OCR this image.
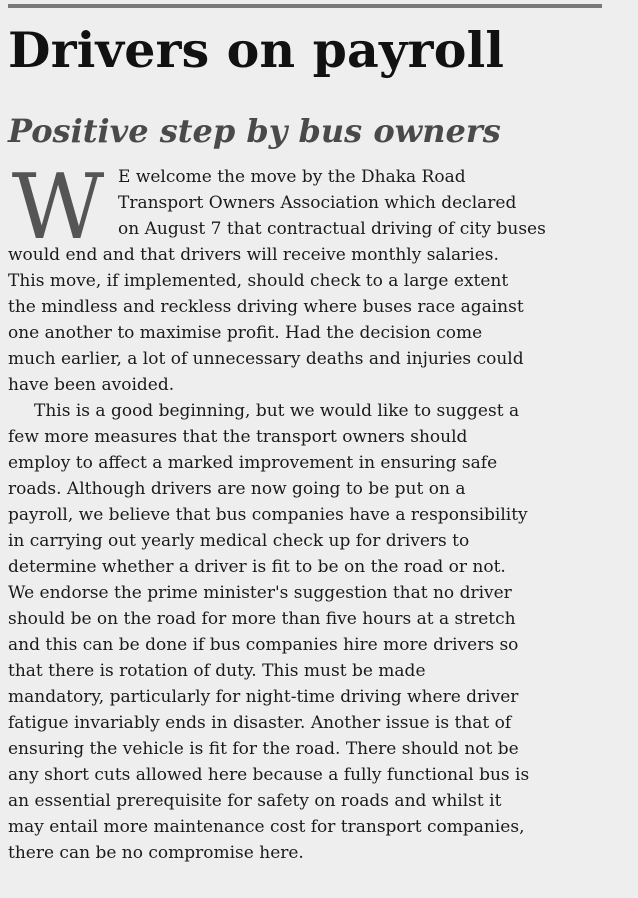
Drivers on payroll
Positive step by bus owners
W E welcome the move by the Dhaka Road
Transport Owners Association which declared
on August 7 that contractual driving of city buses
would end and that drivers will receive monthly salaries.
This move, if implemented, should check to a large extent
the mindless and reckless driving where buses race against
one another to maximise profit. Had the decision come
much earlier, a lot of unnecessary deaths and injuries could
have been avoided.
This is a good beginning, but we would like to suggest a
few more measures that the transport owners should
employ to affect a marked improvement in ensuring safe
roads. Although drivers are now going to be put on a
payroll, we believe that bus companies have a responsibility
in carrying out yearly medical check up for drivers to
determine whether a driver is fit to be on the road or not.
We endorse the prime minister's suggestion that no driver
should be on the road for more than five hours at a stretch
and this can be done if bus companies hire more drivers so
that there is rotation of duty. This must be made
mandatory, particularly for night-time driving where driver
fatigue invariably ends in disaster. Another issue is that of
ensuring the vehicle is fit for the road. There should not be
any short cuts allowed here because a fully functional bus is
an essential prerequisite for safety on roads and whilst it
may entail more maintenance cost for transport companies,
there can be no compromise here.
